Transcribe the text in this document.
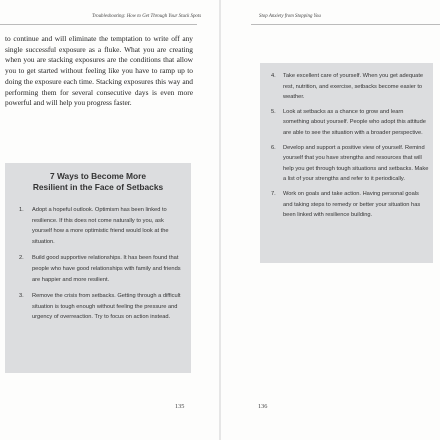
Troubleshooting: How to Get Through Your Stuck Spots

to continue and will eliminate the temptation to write off any single successful exposure as a fluke. What you are creating when you are stacking exposures are the conditions that allow you to get started without feeling like you have to ramp up to doing the exposure each time. Stacking exposures this way and performing them for several consecutive days is even more powerful and will help you progress faster.

7 Ways to Become More
Resilient in the Face of Setbacks

1. Adopt a hopeful outlook. Optimism has been linked to resilience. If this does not come naturally to you, ask yourself how a more optimistic friend would look at the situation.
2. Build good supportive relationships. It has been found that people who have good relationships with family and friends are happier and more resilient.
3. Remove the crisis from setbacks. Getting through a difficult situation is tough enough without feeling the pressure and urgency of overreaction. Try to focus on action instead.
135
Stop Anxiety from Stopping You
4. Take excellent care of yourself. When you get adequate rest, nutrition, and exercise, setbacks become easier to weather.
5. Look at setbacks as a chance to grow and learn something about yourself. People who adopt this attitude are able to see the situation with a broader perspective.
6. Develop and support a positive view of yourself. Remind yourself that you have strengths and resources that will help you get through tough situations and setbacks. Make a list of your strengths and refer to it periodically.
7. Work on goals and take action. Having personal goals and taking steps to remedy or better your situation has been linked with resilience building.
136
